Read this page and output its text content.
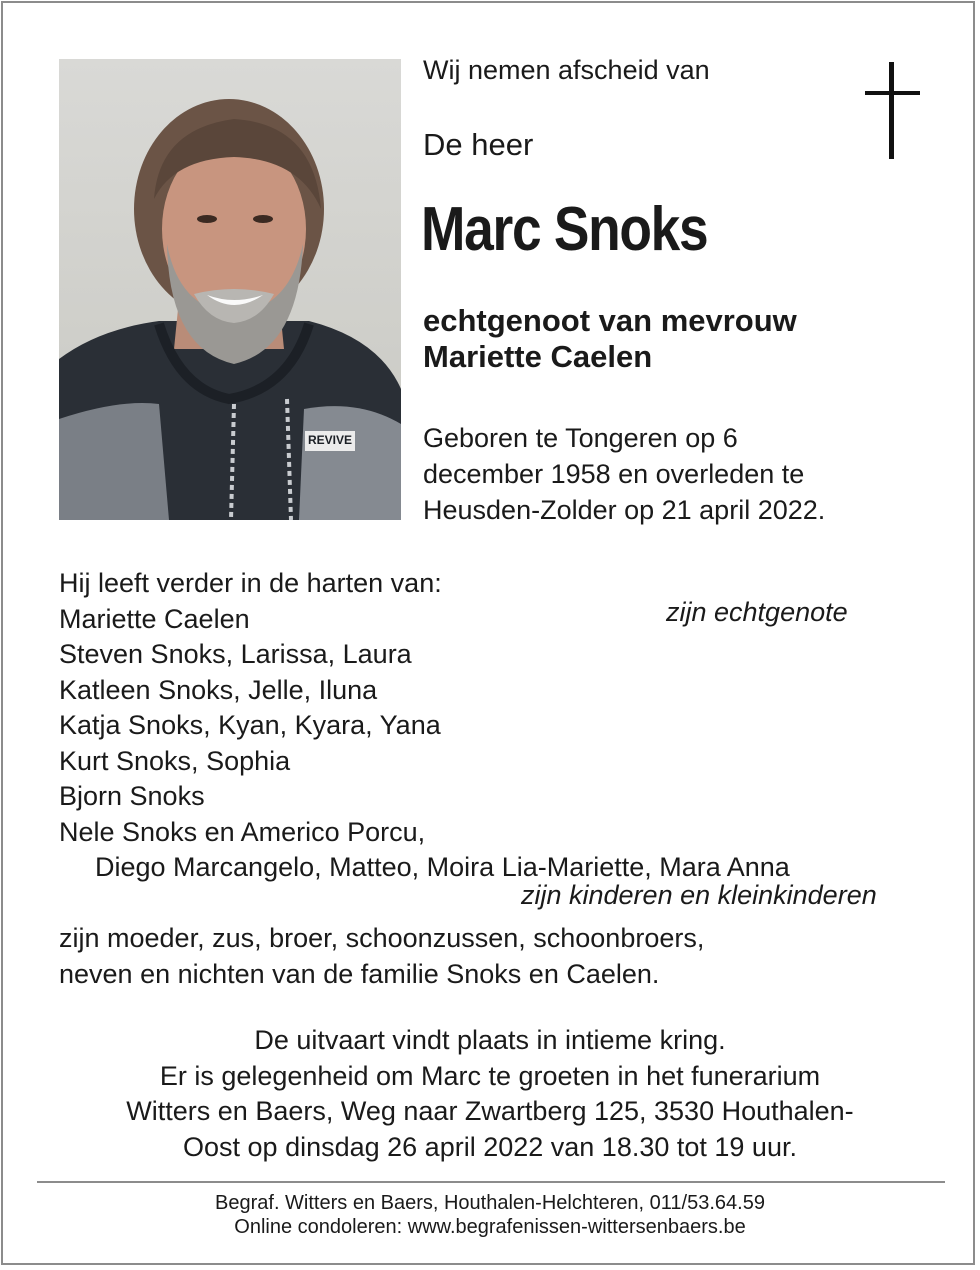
REVIVE
Wij nemen afscheid van
De heer
Marc Snoks
echtgenoot van mevrouw
Mariette Caelen
Geboren te Tongeren op 6
december 1958 en overleden te
Heusden-Zolder op 21 april 2022.
Hij leeft verder in de harten van:
Mariette Caelen
Steven Snoks, Larissa, Laura
Katleen Snoks, Jelle, Iluna
Katja Snoks, Kyan, Kyara, Yana
Kurt Snoks, Sophia
Bjorn Snoks
Nele Snoks en Americo Porcu,
Diego Marcangelo, Matteo, Moira Lia-Mariette, Mara Anna

zijn moeder, zus, broer, schoonzussen, schoonbroers,
neven en nichten van de familie Snoks en Caelen.
zijn echtgenote
zijn kinderen en kleinkinderen
De uitvaart vindt plaats in intieme kring.
Er is gelegenheid om Marc te groeten in het funerarium
Witters en Baers, Weg naar Zwartberg 125, 3530 Houthalen-
Oost op dinsdag 26 april 2022 van 18.30 tot 19 uur.
Begraf. Witters en Baers, Houthalen-Helchteren, 011/53.64.59
Online condoleren: www.begrafenissen-wittersenbaers.be
